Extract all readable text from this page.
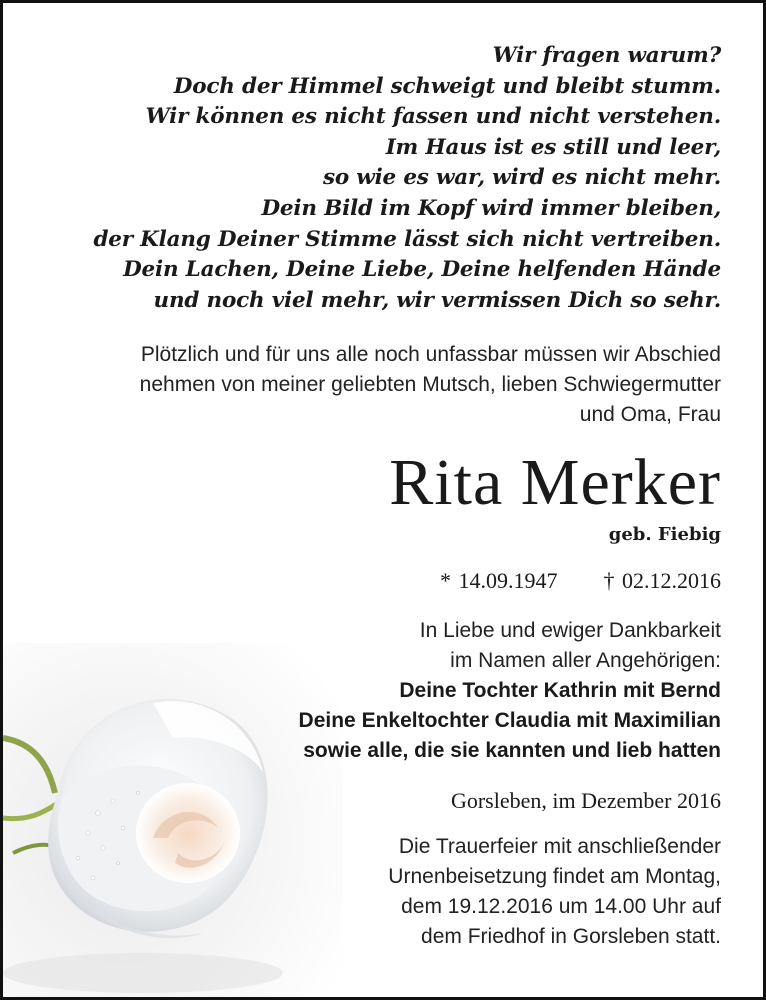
Wir fragen warum?
Doch der Himmel schweigt und bleibt stumm.
Wir können es nicht fassen und nicht verstehen.
Im Haus ist es still und leer,
so wie es war, wird es nicht mehr.
Dein Bild im Kopf wird immer bleiben,
der Klang Deiner Stimme lässt sich nicht vertreiben.
Dein Lachen, Deine Liebe, Deine helfenden Hände
und noch viel mehr, wir vermissen Dich so sehr.
Plötzlich und für uns alle noch unfassbar müssen wir Abschied
nehmen von meiner geliebten Mutsch, lieben Schwiegermutter
und Oma, Frau
Rita Merker
geb. Fiebig
* 14.09.1947 † 02.12.2016
In Liebe und ewiger Dankbarkeit
im Namen aller Angehörigen:
Deine Tochter Kathrin mit Bernd
Deine Enkeltochter Claudia mit Maximilian
sowie alle, die sie kannten und lieb hatten
Gorsleben, im Dezember 2016
Die Trauerfeier mit anschließender
Urnenbeisetzung findet am Montag,
dem 19.12.2016 um 14.00 Uhr auf
dem Friedhof in Gorsleben statt.
